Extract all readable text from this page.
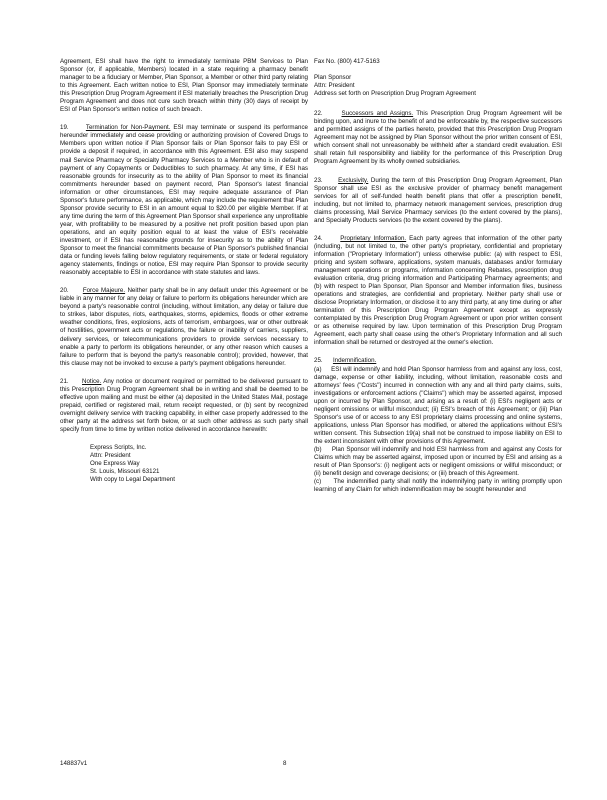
Agreement, ESI shall have the right to immediately terminate PBM Services to Plan Sponsor (or, if applicable, Members) located in a state requiring a pharmacy benefit manager to be a fiduciary or Member, Plan Sponsor, a Member or other third party relating to this Agreement. Each written notice to ESI, Plan Sponsor may immediately terminate this Prescription Drug Program Agreement if ESI materially breaches the Prescription Drug Program Agreement and does not cure such breach within thirty (30) days of receipt by ESI of Plan Sponsor's written notice of such breach.

19.	Termination for Non-Payment. ESI may terminate or suspend its performance hereunder immediately and cease providing or authorizing provision of Covered Drugs to Members upon written notice if Plan Sponsor fails or Plan Sponsor fails to pay ESI or provide a deposit if required, in accordance with this Agreement. ESI also may suspend mail Service Pharmacy or Specialty Pharmacy Services to a Member who is in default of payment of any Copayments or Deductibles to such pharmacy. At any time, if ESI has reasonable grounds for insecurity as to the ability of Plan Sponsor to meet its financial commitments hereunder based on payment record, Plan Sponsor's latest financial information or other circumstances, ESI may require adequate assurance of Plan Sponsor's future performance, as applicable, which may include the requirement that Plan Sponsor provide security to ESI in an amount equal to $20.00 per eligible Member. If at any time during the term of this Agreement Plan Sponsor shall experience any unprofitable year, with profitability to be measured by a positive net profit position based upon plan operations, and an equity position equal to at least the value of ESI's receivable investment, or if ESI has reasonable grounds for insecurity as to the ability of Plan Sponsor to meet the financial commitments because of Plan Sponsor's published financial data or funding levels falling below regulatory requirements, or state or federal regulatory agency statements, findings or notice, ESI may require Plan Sponsor to provide security reasonably acceptable to ESI in accordance with state statutes and laws.

20. Force Majeure. Neither party shall be in any default under this Agreement or be liable in any manner for any delay or failure to perform its obligations hereunder which are beyond a party's reasonable control (including, without limitation, any delay or failure due to strikes, labor disputes, riots, earthquakes, storms, epidemics, floods or other extreme weather conditions, fires, explosions, acts of terrorism, embargoes, war or other outbreak of hostilities, government acts or regulations, the failure or inability of carriers, suppliers, delivery services, or telecommunications providers to provide services necessary to enable a party to perform its obligations hereunder, or any other reason which causes a failure to perform that is beyond the party's reasonable control); provided, however, that this clause may not be invoked to excuse a party's payment obligations hereunder.

21. Notice. Any notice or document required or permitted to be delivered pursuant to this Prescription Drug Program Agreement shall be in writing and shall be deemed to be effective upon mailing and must be either (a) deposited in the United States Mail, postage prepaid, certified or registered mail, return receipt requested, or (b) sent by recognized overnight delivery service with tracking capability, in either case properly addressed to the other party at the address set forth below, or at such other address as such party shall specify from time to time by written notice delivered in accordance herewith:

Express Scripts, Inc.
Attn: President
One Express Way
St. Louis, Missouri 63121
With copy to Legal Department
Fax No. (800) 417-5163
Plan Sponsor
Attn: President
Address set forth on Prescription Drug Program Agreement

22.	Successors and Assigns. This Prescription Drug Program Agreement will be binding upon, and inure to the benefit of and be enforceable by, the respective successors and permitted assigns of the parties hereto, provided that this Prescription Drug Program Agreement may not be assigned by Plan Sponsor without the prior written consent of ESI, which consent shall not unreasonably be withheld after a standard credit evaluation. ESI shall retain full responsibility and liability for the performance of this Prescription Drug Program Agreement by its wholly owned subsidiaries.

23.	Exclusivity. During the term of this Prescription Drug Program Agreement, Plan Sponsor shall use ESI as the exclusive provider of pharmacy benefit management services for all of self-funded health benefit plans that offer a prescription benefit, including, but not limited to, pharmacy network management services, prescription drug claims processing, Mail Service Pharmacy services (to the extent covered by the plans), and Specialty Products services (to the extent covered by the plans).

24.	Proprietary Information. Each party agrees that information of the other party (including, but not limited to, the other party's proprietary, confidential and proprietary information ("Proprietary Information") unless otherwise public: (a) with respect to ESI, pricing and system software, applications, system manuals, databases and/or formulary management operations or programs, information concerning Rebates, prescription drug evaluation criteria, drug pricing information and Participating Pharmacy agreements; and (b) with respect to Plan Sponsor, Plan Sponsor and Member information files, business operations and strategies, are confidential and proprietary. Neither party shall use or disclose Proprietary Information, or disclose it to any third party, at any time during or after termination of this Prescription Drug Program Agreement except as expressly contemplated by this Prescription Drug Program Agreement or upon prior written consent or as otherwise required by law. Upon termination of this Prescription Drug Program Agreement, each party shall cease using the other's Proprietary Information and all such information shall be returned or destroyed at the owner's election.

25. Indemnification.

(a) ESI will indemnify and hold Plan Sponsor harmless from and against any loss, cost, damage, expense or other liability, including, without limitation, reasonable costs and attorneys' fees ("Costs") incurred in connection with any and all third party claims, suits, investigations or enforcement actions ("Claims") which may be asserted against, imposed upon or incurred by Plan Sponsor, and arising as a result of: (i) ESI's negligent acts or negligent omissions or willful misconduct; (ii) ESI's breach of this Agreement; or (iii) Plan Sponsor's use of or access to any ESI proprietary claims processing and online systems, applications, unless Plan Sponsor has modified, or altered the applications without ESI's written consent. This Subsection 19(a) shall not be construed to impose liability on ESI to the extent inconsistent with other provisions of this Agreement.

(b) Plan Sponsor will indemnify and hold ESI harmless from and against any Costs for Claims which may be asserted against, imposed upon or incurred by ESI and arising as a result of Plan Sponsor's: (i) negligent acts or negligent omissions or willful misconduct; or (ii) benefit design and coverage decisions; or (iii) breach of this Agreement.

(c) The indemnified party shall notify the indemnifying party in writing promptly upon learning of any Claim for which indemnification may be sought hereunder and

148837v1	8
